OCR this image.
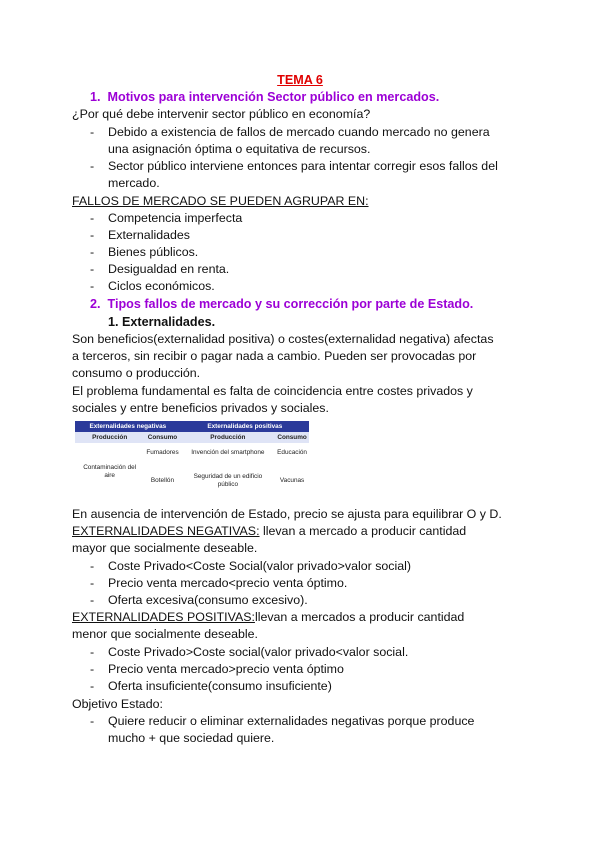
TEMA 6
1. Motivos para intervención Sector público en mercados.
¿Por qué debe intervenir sector público en economía?
- Debido a existencia de fallos de mercado cuando mercado no genera
una asignación óptima o equitativa de recursos.
- Sector público interviene entonces para intentar corregir esos fallos del
mercado.
FALLOS DE MERCADO SE PUEDEN AGRUPAR EN:
- Competencia imperfecta
- Externalidades
- Bienes públicos.
- Desigualdad en renta.
- Ciclos económicos.
2. Tipos fallos de mercado y su corrección por parte de Estado.
1. Externalidades.
Son beneficios(externalidad positiva) o costes(externalidad negativa) afectas
a terceros, sin recibir o pagar nada a cambio. Pueden ser provocadas por
consumo o producción.
El problema fundamental es falta de coincidencia entre costes privados y
sociales y entre beneficios privados y sociales.
Externalidades negativas		Externalidades positivas	
Producción	Consumo	Producción	Consumo
Contaminación del aire	Fumadores	Invención del smartphone	Educación
	Botellón	Seguridad de un edificio público	Vacunas
En ausencia de intervención de Estado, precio se ajusta para equilibrar O y D.
EXTERNALIDADES NEGATIVAS: llevan a mercado a producir cantidad
mayor que socialmente deseable.
- Coste Privado<Coste Social(valor privado>valor social)
- Precio venta mercado<precio venta óptimo.
- Oferta excesiva(consumo excesivo).
EXTERNALIDADES POSITIVAS:llevan a mercados a producir cantidad
menor que socialmente deseable.
- Coste Privado>Coste social(valor privado<valor social.
- Precio venta mercado>precio venta óptimo
- Oferta insuficiente(consumo insuficiente)
Objetivo Estado:
- Quiere reducir o eliminar externalidades negativas porque produce
mucho + que sociedad quiere.
